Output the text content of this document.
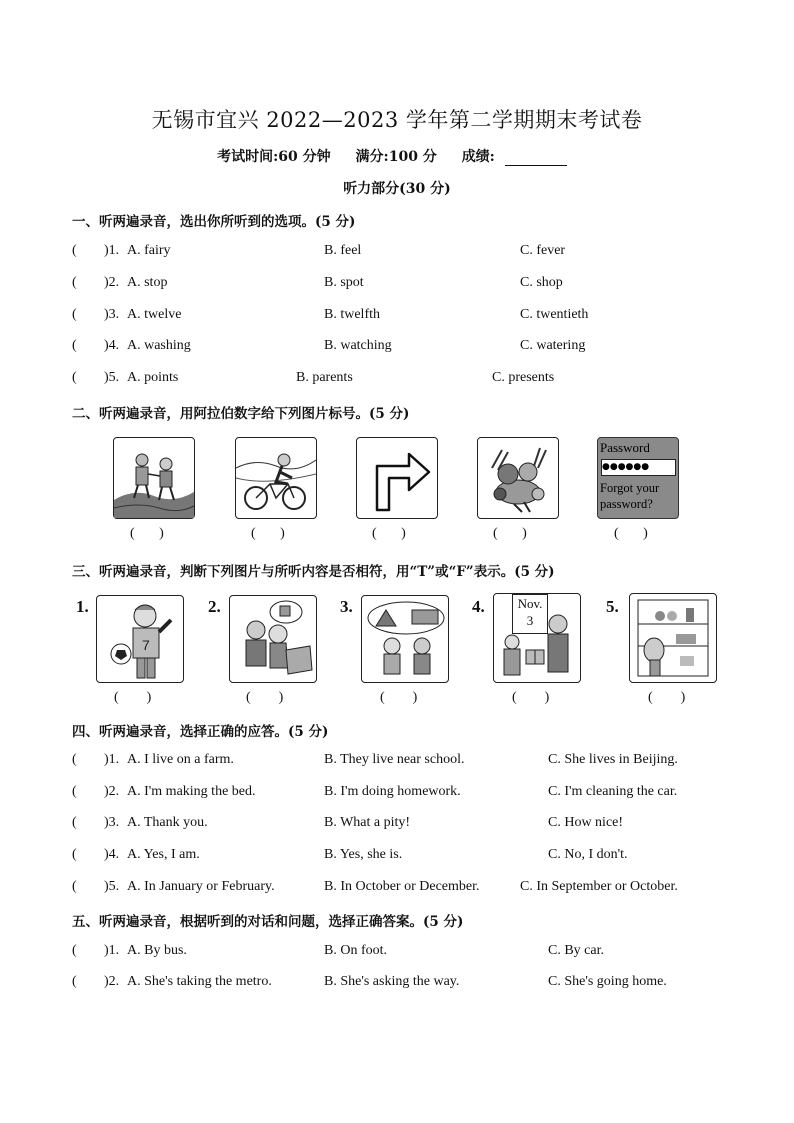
无锡市宜兴 2022—2023 学年第二学期期末考试卷
考试时间:60 分钟 满分:100 分 成绩:
听力部分(30 分)
一、听两遍录音，选出你所听到的选项。(5 分)
( )1. A. fairy	B. feel	C. fever
( )2. A. stop	B. spot	C. shop
( )3. A. twelve	B. twelfth	C. twentieth
( )4. A. washing	B. watching	C. watering
( )5. A. points	B. parents	C. presents
二、听两遍录音，用阿拉伯数字给下列图片标号。(5 分)
Password
●●●●●●
Forgot your password?
(       )	(       )	(       )	(       )	(       )
三、听两遍录音，判断下列图片与所听内容是否相符，用“T”或“F”表示。(5 分)
1.
7
2.	3.	4.	Nov.
3
5.
(        )	(        )	(        )	(        )	(        )
四、听两遍录音，选择正确的应答。(5 分)
( )1. A. I live on a farm.	B. They live near school.	C. She lives in Beijing.
( )2. A. I'm making the bed.	B. I'm doing homework.	C. I'm cleaning the car.
( )3. A. Thank you.	B. What a pity!	C. How nice!
( )4. A. Yes, I am.	B. Yes, she is.	C. No, I don't.
( )5. A. In January or February.	B. In October or December.	C. In September or October.
五、听两遍录音，根据听到的对话和问题，选择正确答案。(5 分)
( )1. A. By bus.	B. On foot.	C. By car.
( )2. A. She's taking the metro.	B. She's asking the way.	C. She's going home.
